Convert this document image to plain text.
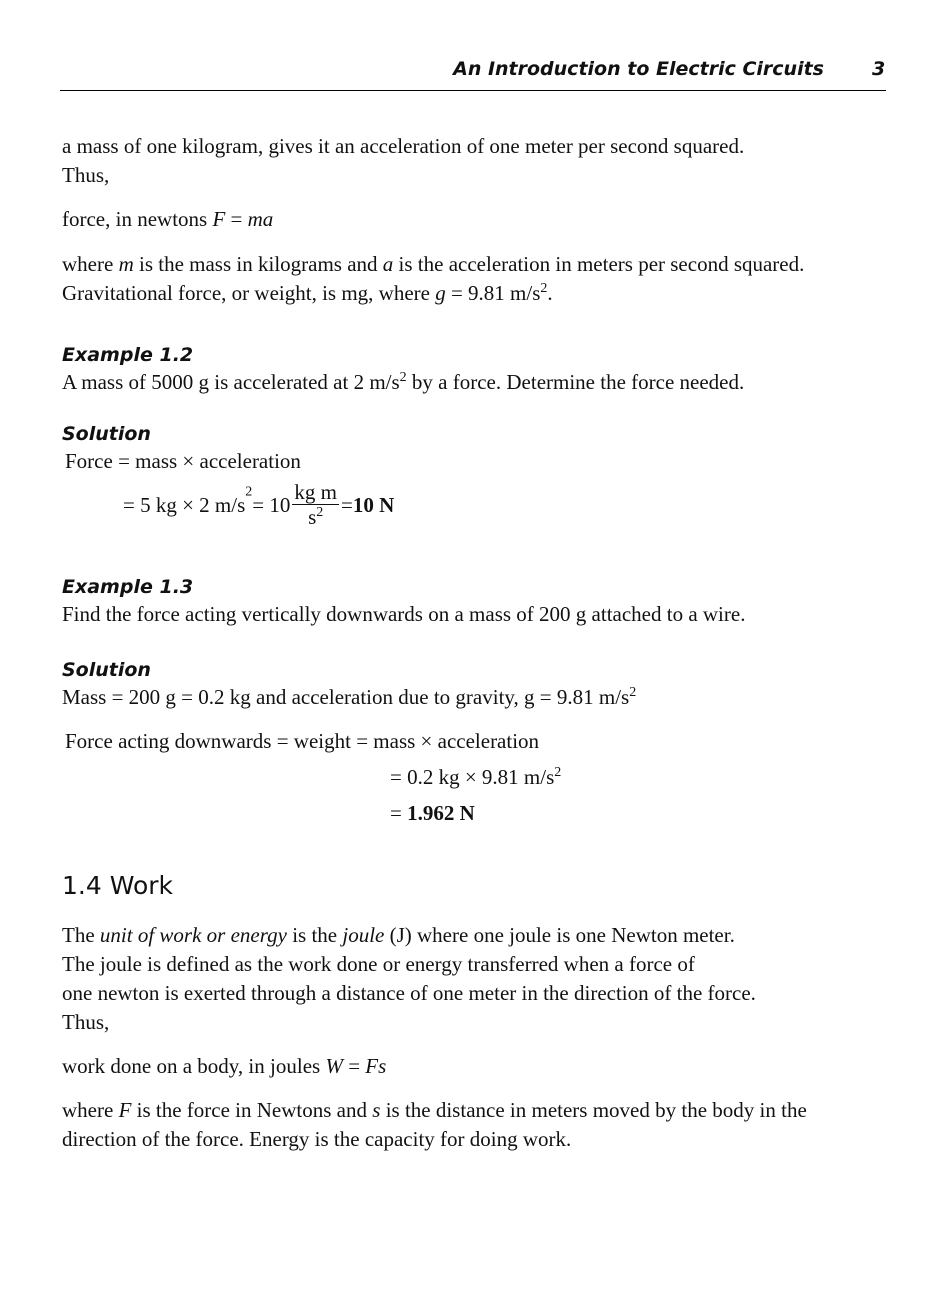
An Introduction to Electric Circuits	3

a mass of one kilogram, gives it an acceleration of one meter per second squared.

Thus,

force, in newtons F = ma

where m is the mass in kilograms and a is the acceleration in meters per second squared.

Gravitational force, or weight, is mg, where g = 9.81 $m/s^2$.

Example 1.2

A mass of 5000 g is accelerated at 2 $m/s^2$ by a force. Determine the force needed.

Solution

Force = mass × acceleration

= 5 kg × 2 $m/s^2= 10 \frac{\text{kg m}}{s^2} =10$ N

Example 1.3

Find the force acting vertically downwards on a mass of 200 g attached to a wire.

Solution

Mass = 200 g = 0.2 kg and acceleration due to gravity, g = 9.81 $m/s^2$

Force acting downwards = weight = mass × acceleration
= 0.2 kg × 9.81 $m/s^2$
= 1.962 N
1.4 Work

The unit of work or energy is the joule (J) where one joule is one Newton meter.

The joule is defined as the work done or energy transferred when a force of

one newton is exerted through a distance of one meter in the direction of the force.

Thus,

work done on a body, in joules W = Fs

where F is the force in Newtons and s is the distance in meters moved by the body in the

direction of the force. Energy is the capacity for doing work.
